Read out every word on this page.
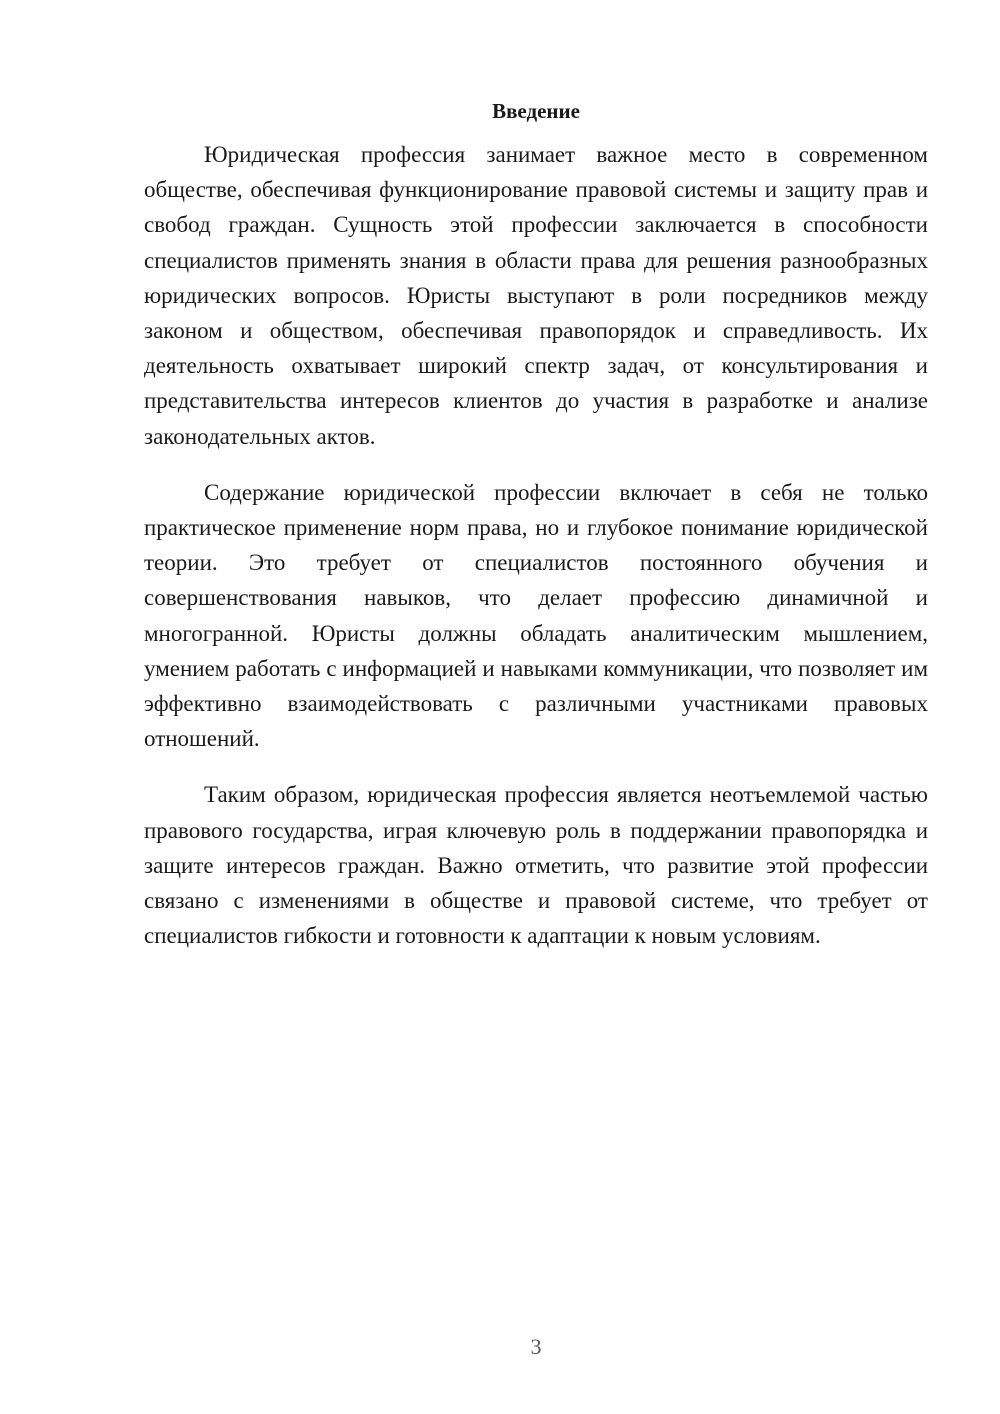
Введение

Юридическая профессия занимает важное место в современном обществе, обеспечивая функционирование правовой системы и защиту прав и свобод граждан. Сущность этой профессии заключается в способности специалистов применять знания в области права для решения разнообразных юридических вопросов. Юристы выступают в роли посредников между законом и обществом, обеспечивая правопорядок и справедливость. Их деятельность охватывает широкий спектр задач, от консультирования и представительства интересов клиентов до участия в разработке и анализе законодательных актов.

Содержание юридической профессии включает в себя не только практическое применение норм права, но и глубокое понимание юридической теории. Это требует от специалистов постоянного обучения и совершенствования навыков, что делает профессию динамичной и многогранной. Юристы должны обладать аналитическим мышлением, умением работать с информацией и навыками коммуникации, что позволяет им эффективно взаимодействовать с различными участниками правовых отношений.

Таким образом, юридическая профессия является неотъемлемой частью правового государства, играя ключевую роль в поддержании правопорядка и защите интересов граждан. Важно отметить, что развитие этой профессии связано с изменениями в обществе и правовой системе, что требует от специалистов гибкости и готовности к адаптации к новым условиям.

3
